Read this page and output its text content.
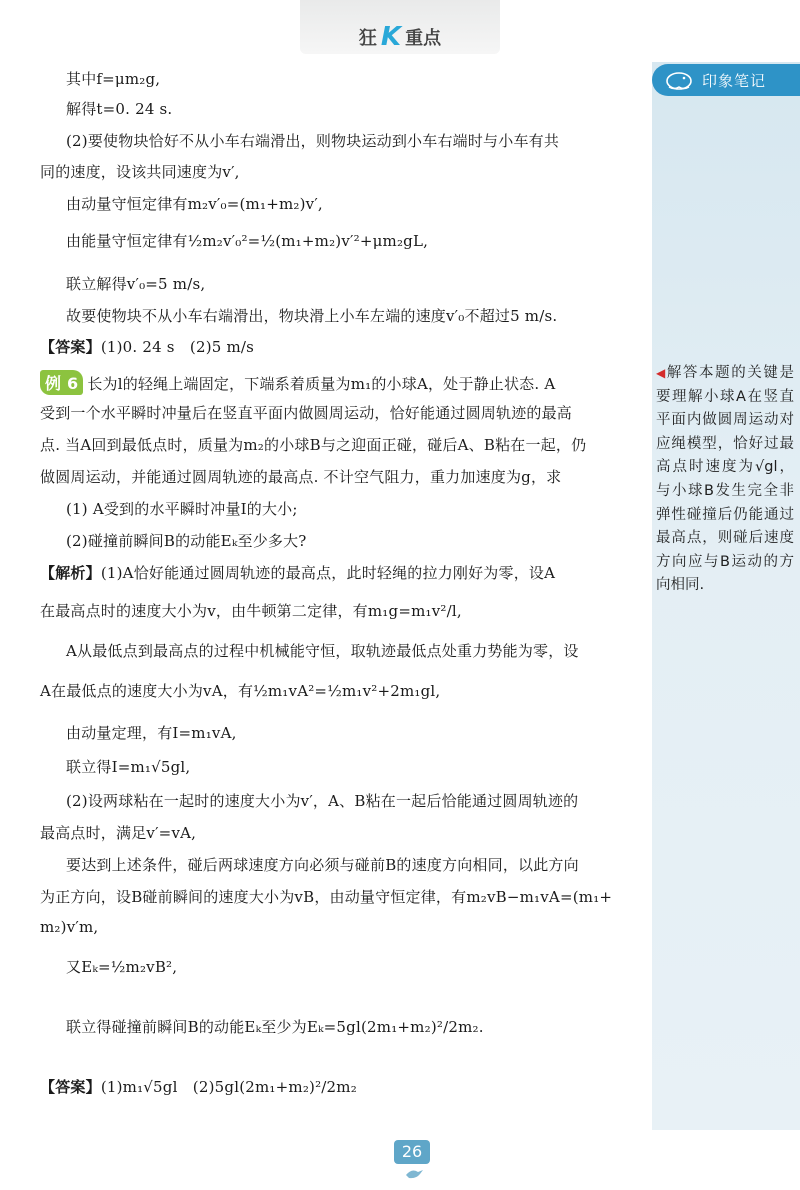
狂 K 重点
印象笔记
◀解答本题的关键是要理解小球A在竖直平面内做圆周运动对应绳模型，恰好过最高点时速度为√gl，与小球B发生完全非弹性碰撞后仍能通过最高点，则碰后速度方向应与B运动的方向相同.
其中f=μm₂g,
解得t=0. 24 s.
(2)要使物块恰好不从小车右端滑出，则物块运动到小车右端时与小车有共
同的速度，设该共同速度为v′,
由动量守恒定律有m₂v′₀=(m₁+m₂)v′,
由能量守恒定律有½m₂v′₀²=½(m₁+m₂)v′²+μm₂gL,
联立解得v′₀=5 m/s,
故要使物块不从小车右端滑出，物块滑上小车左端的速度v′₀不超过5 m/s.
【答案】(1)0. 24 s　(2)5 m/s
例 6 长为l的轻绳上端固定，下端系着质量为m₁的小球A，处于静止状态. A
受到一个水平瞬时冲量后在竖直平面内做圆周运动，恰好能通过圆周轨迹的最高
点. 当A回到最低点时，质量为m₂的小球B与之迎面正碰，碰后A、B粘在一起，仍
做圆周运动，并能通过圆周轨迹的最高点. 不计空气阻力，重力加速度为g，求
(1) A受到的水平瞬时冲量I的大小;
(2)碰撞前瞬间B的动能Eₖ至少多大?
【解析】(1)A恰好能通过圆周轨迹的最高点，此时轻绳的拉力刚好为零，设A
在最高点时的速度大小为v，由牛顿第二定律，有m₁g=m₁v²/l,
A从最低点到最高点的过程中机械能守恒，取轨迹最低点处重力势能为零，设
A在最低点的速度大小为vA，有½m₁vA²=½m₁v²+2m₁gl,
由动量定理，有I=m₁vA,
联立得I=m₁√5gl,
(2)设两球粘在一起时的速度大小为v′，A、B粘在一起后恰能通过圆周轨迹的
最高点时，满足v′=vA,
要达到上述条件，碰后两球速度方向必须与碰前B的速度方向相同，以此方向
为正方向，设B碰前瞬间的速度大小为vB，由动量守恒定律，有m₂vB−m₁vA=(m₁+
m₂)v′m,
又Eₖ=½m₂vB²,
联立得碰撞前瞬间B的动能Eₖ至少为Eₖ=5gl(2m₁+m₂)²/2m₂.
【答案】(1)m₁√5gl　(2)5gl(2m₁+m₂)²/2m₂
26
